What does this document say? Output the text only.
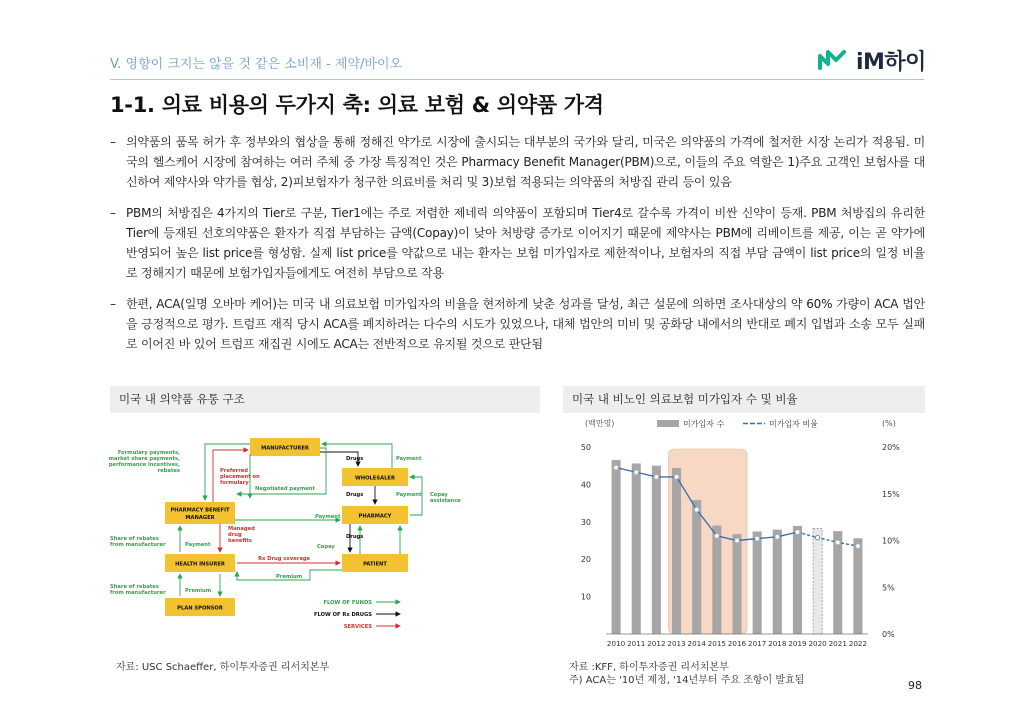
V. 영향이 크지는 않을 것 같은 소비재 - 제약/바이오	iM하이
1-1. 의료 비용의 두가지 축: 의료 보험 & 의약품 가격
– 의약품의 품목 허가 후 정부와의 협상을 통해 정해진 약가로 시장에 출시되는 대부분의 국가와 달리, 미국은 의약품의 가격에 철저한 시장 논리가 적용됨. 미국의 헬스케어 시장에 참여하는 여러 주체 중 가장 특징적인 것은 Pharmacy Benefit Manager(PBM)으로, 이들의 주요 역할은 1)주요 고객인 보험사를 대신하여 제약사와 약가를 협상, 2)피보험자가 청구한 의료비를 처리 및 3)보험 적용되는 의약품의 처방집 관리 등이 있음
– PBM의 처방집은 4가지의 Tier로 구분, Tier1에는 주로 저렴한 제네릭 의약품이 포함되며 Tier4로 갈수록 가격이 비싼 신약이 등재. PBM 처방집의 유리한 Tier에 등재된 선호의약품은 환자가 직접 부담하는 금액(Copay)이 낮아 처방량 증가로 이어지기 때문에 제약사는 PBM에 리베이트를 제공, 이는 곧 약가에 반영되어 높은 list price를 형성함. 실제 list price를 약값으로 내는 환자는 보험 미가입자로 제한적이나, 보험자의 직접 부담 금액이 list price의 일정 비율로 정해지기 때문에 보험가입자들에게도 여전히 부담으로 작용
– 한편, ACA(일명 오바마 케어)는 미국 내 의료보험 미가입자의 비율을 현저하게 낮춘 성과를 달성, 최근 설문에 의하면 조사대상의 약 60% 가량이 ACA 법안을 긍정적으로 평가. 트럼프 재직 당시 ACA를 폐지하려는 다수의 시도가 있었으나, 대체 법안의 미비 및 공화당 내에서의 반대로 폐지 입법과 소송 모두 실패로 이어진 바 있어 트럼프 재집권 시에도 ACA는 전반적으로 유지될 것으로 판단됨
미국 내 의약품 유통 구조	미국 내 비노인 의료보험 미가입자 수 및 비율
MANUFACTURER
WHOLESALER
PHARMACY BENEFIT
MANAGER	PHARMACY
HEALTH INSURER	PATIENT
PLAN SPONSOR
Formulary payments,
market share payments,
performance incentives,
rebates	Preferred
placement on
formulary
Drugs	Payment
Negotiated payment
Drugs	Payment Copay
assistance
Payment
Managed
drug
benefits
Drugs
Share of rebates
from manufacturer	Payment	Copay
Rx Drug coverage
Premium
Share of rebates
from manufacturer	Premium
FLOW OF FUNDS
FLOW OF Rx DRUGS
SERVICES
자료: USC Schaeffer, 하이투자증권 리서치본부
10
20
30
40
50
(백만명)
0%
5%
10%
15%
20%
(%)
2010 2011 2012 2013 2014 2015 2016 2017 2018 2019 2020 2021 2022
미가입자 수	미가입자 비율
자료 :KFF, 하이투자증권 리서치본부
주) ACA는 '10년 제정, '14년부터 주요 조항이 발효됨	98
